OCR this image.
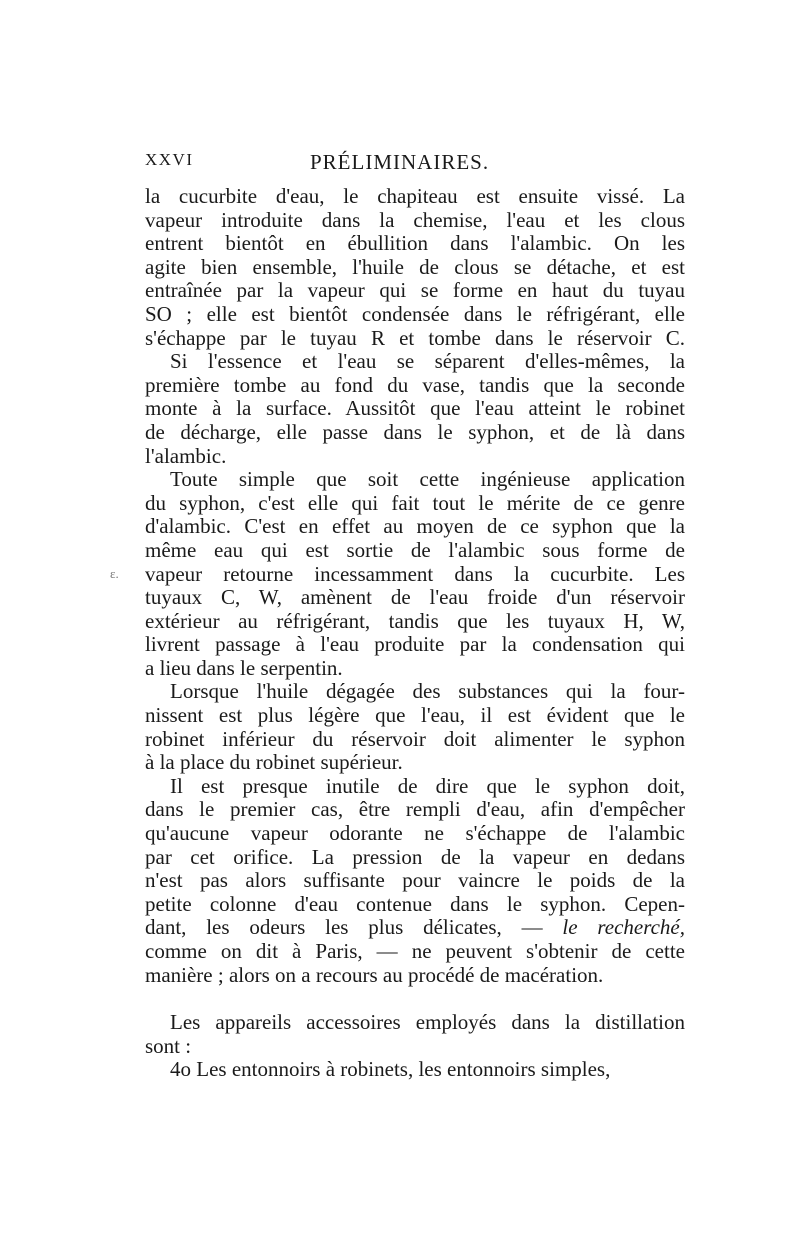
XXVI	PRÉLIMINAIRES.
ε.
la cucurbite d'eau, le chapiteau est ensuite vissé. La
vapeur introduite dans la chemise, l'eau et les clous
entrent bientôt en ébullition dans l'alambic. On les
agite bien ensemble, l'huile de clous se détache, et est
entraînée par la vapeur qui se forme en haut du tuyau
SO ; elle est bientôt condensée dans le réfrigérant, elle
s'échappe par le tuyau R et tombe dans le réservoir C.
Si l'essence et l'eau se séparent d'elles-mêmes, la
première tombe au fond du vase, tandis que la seconde
monte à la surface. Aussitôt que l'eau atteint le robinet
de décharge, elle passe dans le syphon, et de là dans
l'alambic.
Toute simple que soit cette ingénieuse application
du syphon, c'est elle qui fait tout le mérite de ce genre
d'alambic. C'est en effet au moyen de ce syphon que la
même eau qui est sortie de l'alambic sous forme de
vapeur retourne incessamment dans la cucurbite. Les
tuyaux C, W, amènent de l'eau froide d'un réservoir
extérieur au réfrigérant, tandis que les tuyaux H, W,
livrent passage à l'eau produite par la condensation qui
a lieu dans le serpentin.
Lorsque l'huile dégagée des substances qui la four-
nissent est plus légère que l'eau, il est évident que le
robinet inférieur du réservoir doit alimenter le syphon
à la place du robinet supérieur.
Il est presque inutile de dire que le syphon doit,
dans le premier cas, être rempli d'eau, afin d'empêcher
qu'aucune vapeur odorante ne s'échappe de l'alambic
par cet orifice. La pression de la vapeur en dedans
n'est pas alors suffisante pour vaincre le poids de la
petite colonne d'eau contenue dans le syphon. Cepen-
dant, les odeurs les plus délicates, — le recherché,
comme on dit à Paris, — ne peuvent s'obtenir de cette
manière ; alors on a recours au procédé de macération.
Les appareils accessoires employés dans la distillation
sont :
4o Les entonnoirs à robinets, les entonnoirs simples,
